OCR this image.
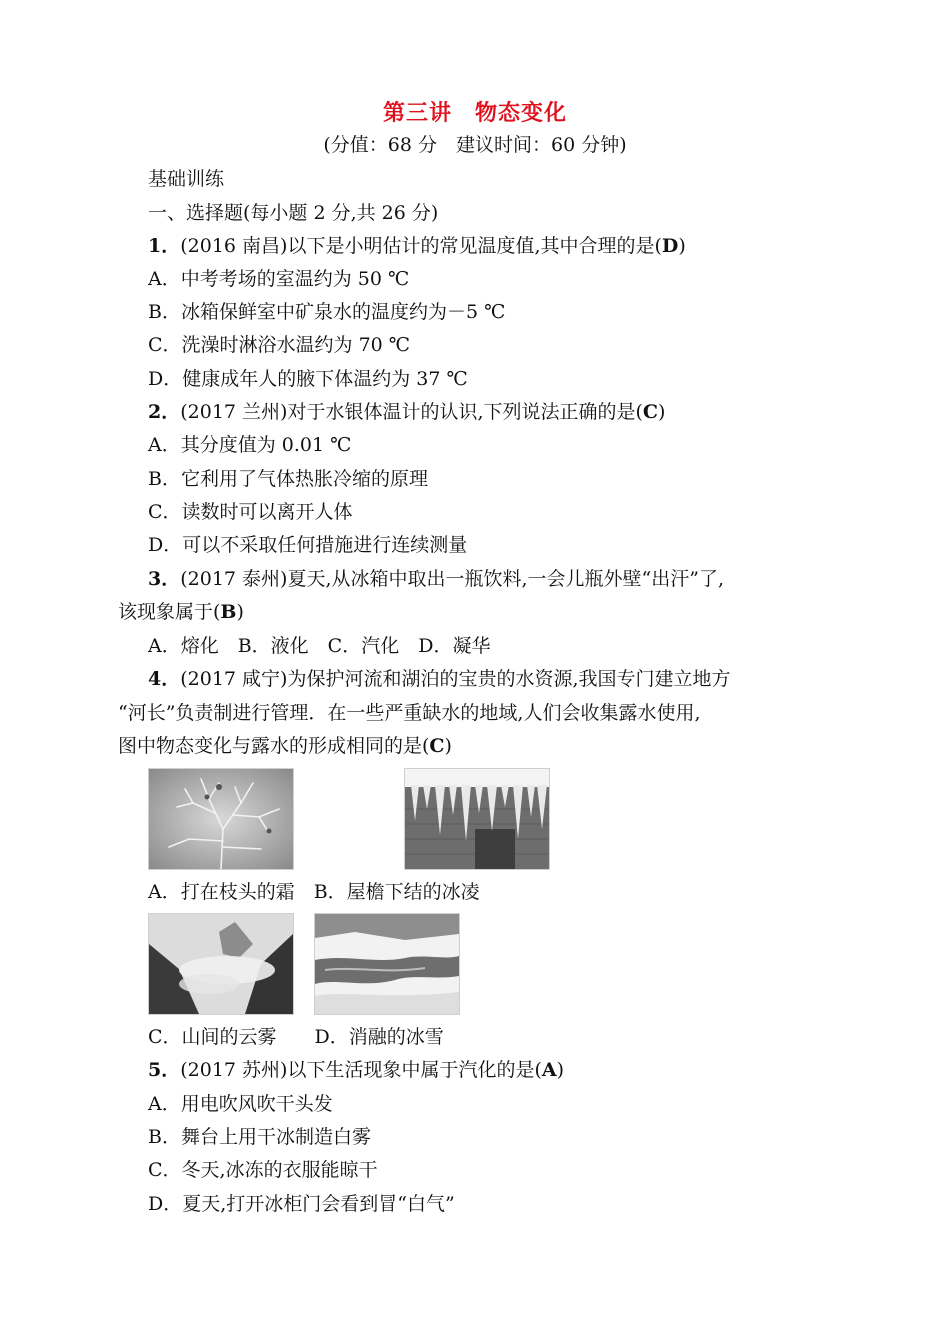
第三讲　物态变化
(分值：68 分　建议时间：60 分钟)
基础训练
一、选择题(每小题 2 分,共 26 分)
1．(2016 南昌)以下是小明估计的常见温度值,其中合理的是(D)
A．中考考场的室温约为 50 ℃
B．冰箱保鲜室中矿泉水的温度约为－5 ℃
C．洗澡时淋浴水温约为 70 ℃
D．健康成年人的腋下体温约为 37 ℃
2．(2017 兰州)对于水银体温计的认识,下列说法正确的是(C)
A．其分度值为 0.01 ℃
B．它利用了气体热胀冷缩的原理
C．读数时可以离开人体
D．可以不采取任何措施进行连续测量
3．(2017 泰州)夏天,从冰箱中取出一瓶饮料,一会儿瓶外壁“出汗”了,
该现象属于(B)
A．熔化　B．液化　C．汽化　D．凝华
4．(2017 咸宁)为保护河流和湖泊的宝贵的水资源,我国专门建立地方
“河长”负责制进行管理．在一些严重缺水的地域,人们会收集露水使用,
图中物态变化与露水的形成相同的是(C)
A．打在枝头的霜　B．屋檐下结的冰凌
C．山间的云雾　　D．消融的冰雪
5．(2017 苏州)以下生活现象中属于汽化的是(A)
A．用电吹风吹干头发
B．舞台上用干冰制造白雾
C．冬天,冰冻的衣服能晾干
D．夏天,打开冰柜门会看到冒“白气”
